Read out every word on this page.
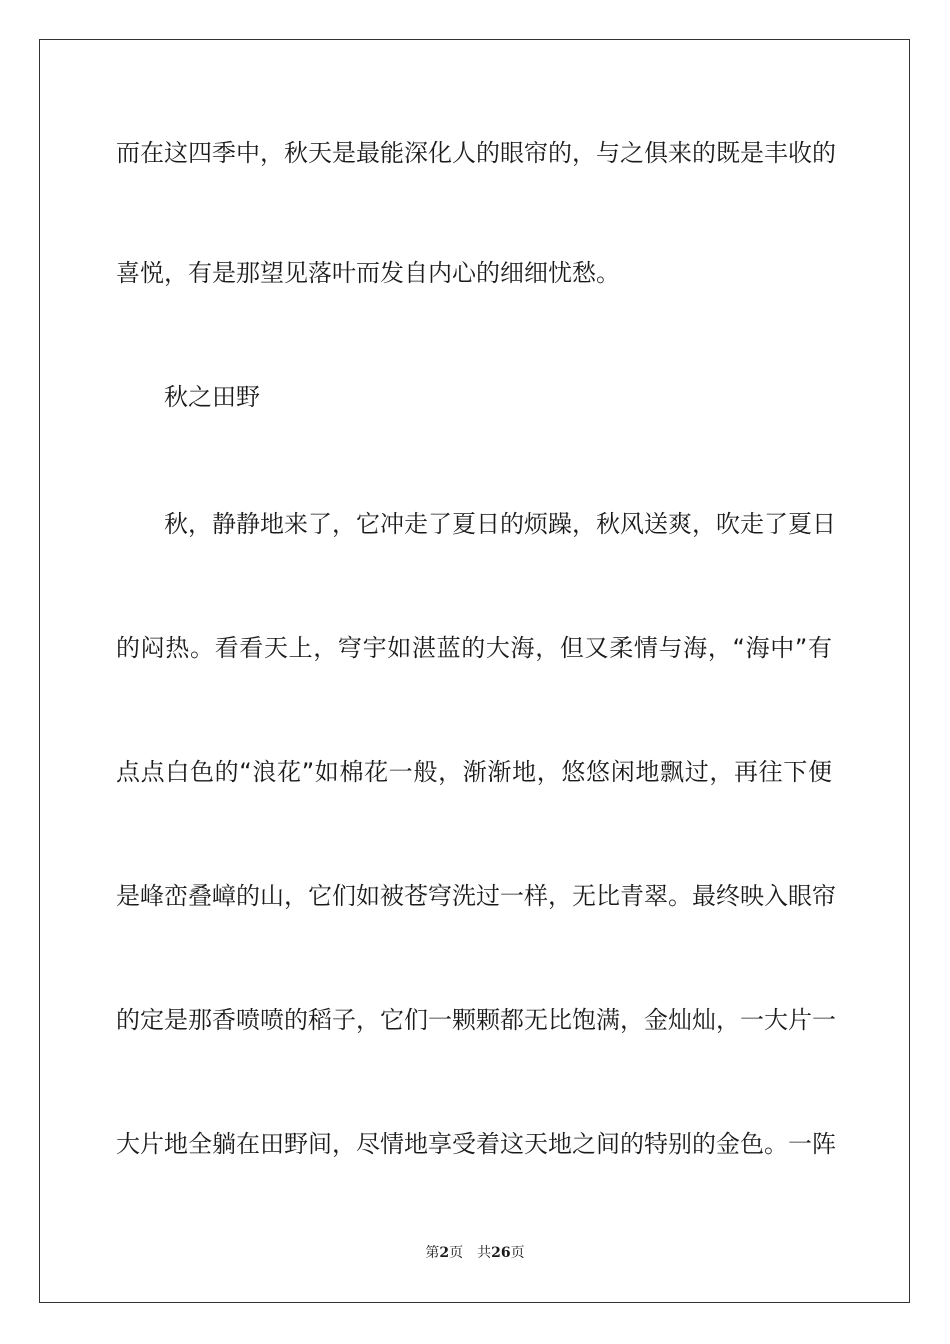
而在这四季中，秋天是最能深化人的眼帘的，与之俱来的既是丰收的
喜悦，有是那望见落叶而发自内心的细细忧愁。
秋之田野
秋，静静地来了，它冲走了夏日的烦躁，秋风送爽，吹走了夏日
的闷热。看看天上，穹宇如湛蓝的大海，但又柔情与海，“海中”有
点点白色的“浪花”如棉花一般，渐渐地，悠悠闲地飘过，再往下便
是峰峦叠嶂的山，它们如被苍穹洗过一样，无比青翠。最终映入眼帘
的定是那香喷喷的稻子，它们一颗颗都无比饱满，金灿灿，一大片一
大片地全躺在田野间，尽情地享受着这天地之间的特别的金色。一阵
第2页 共26页
